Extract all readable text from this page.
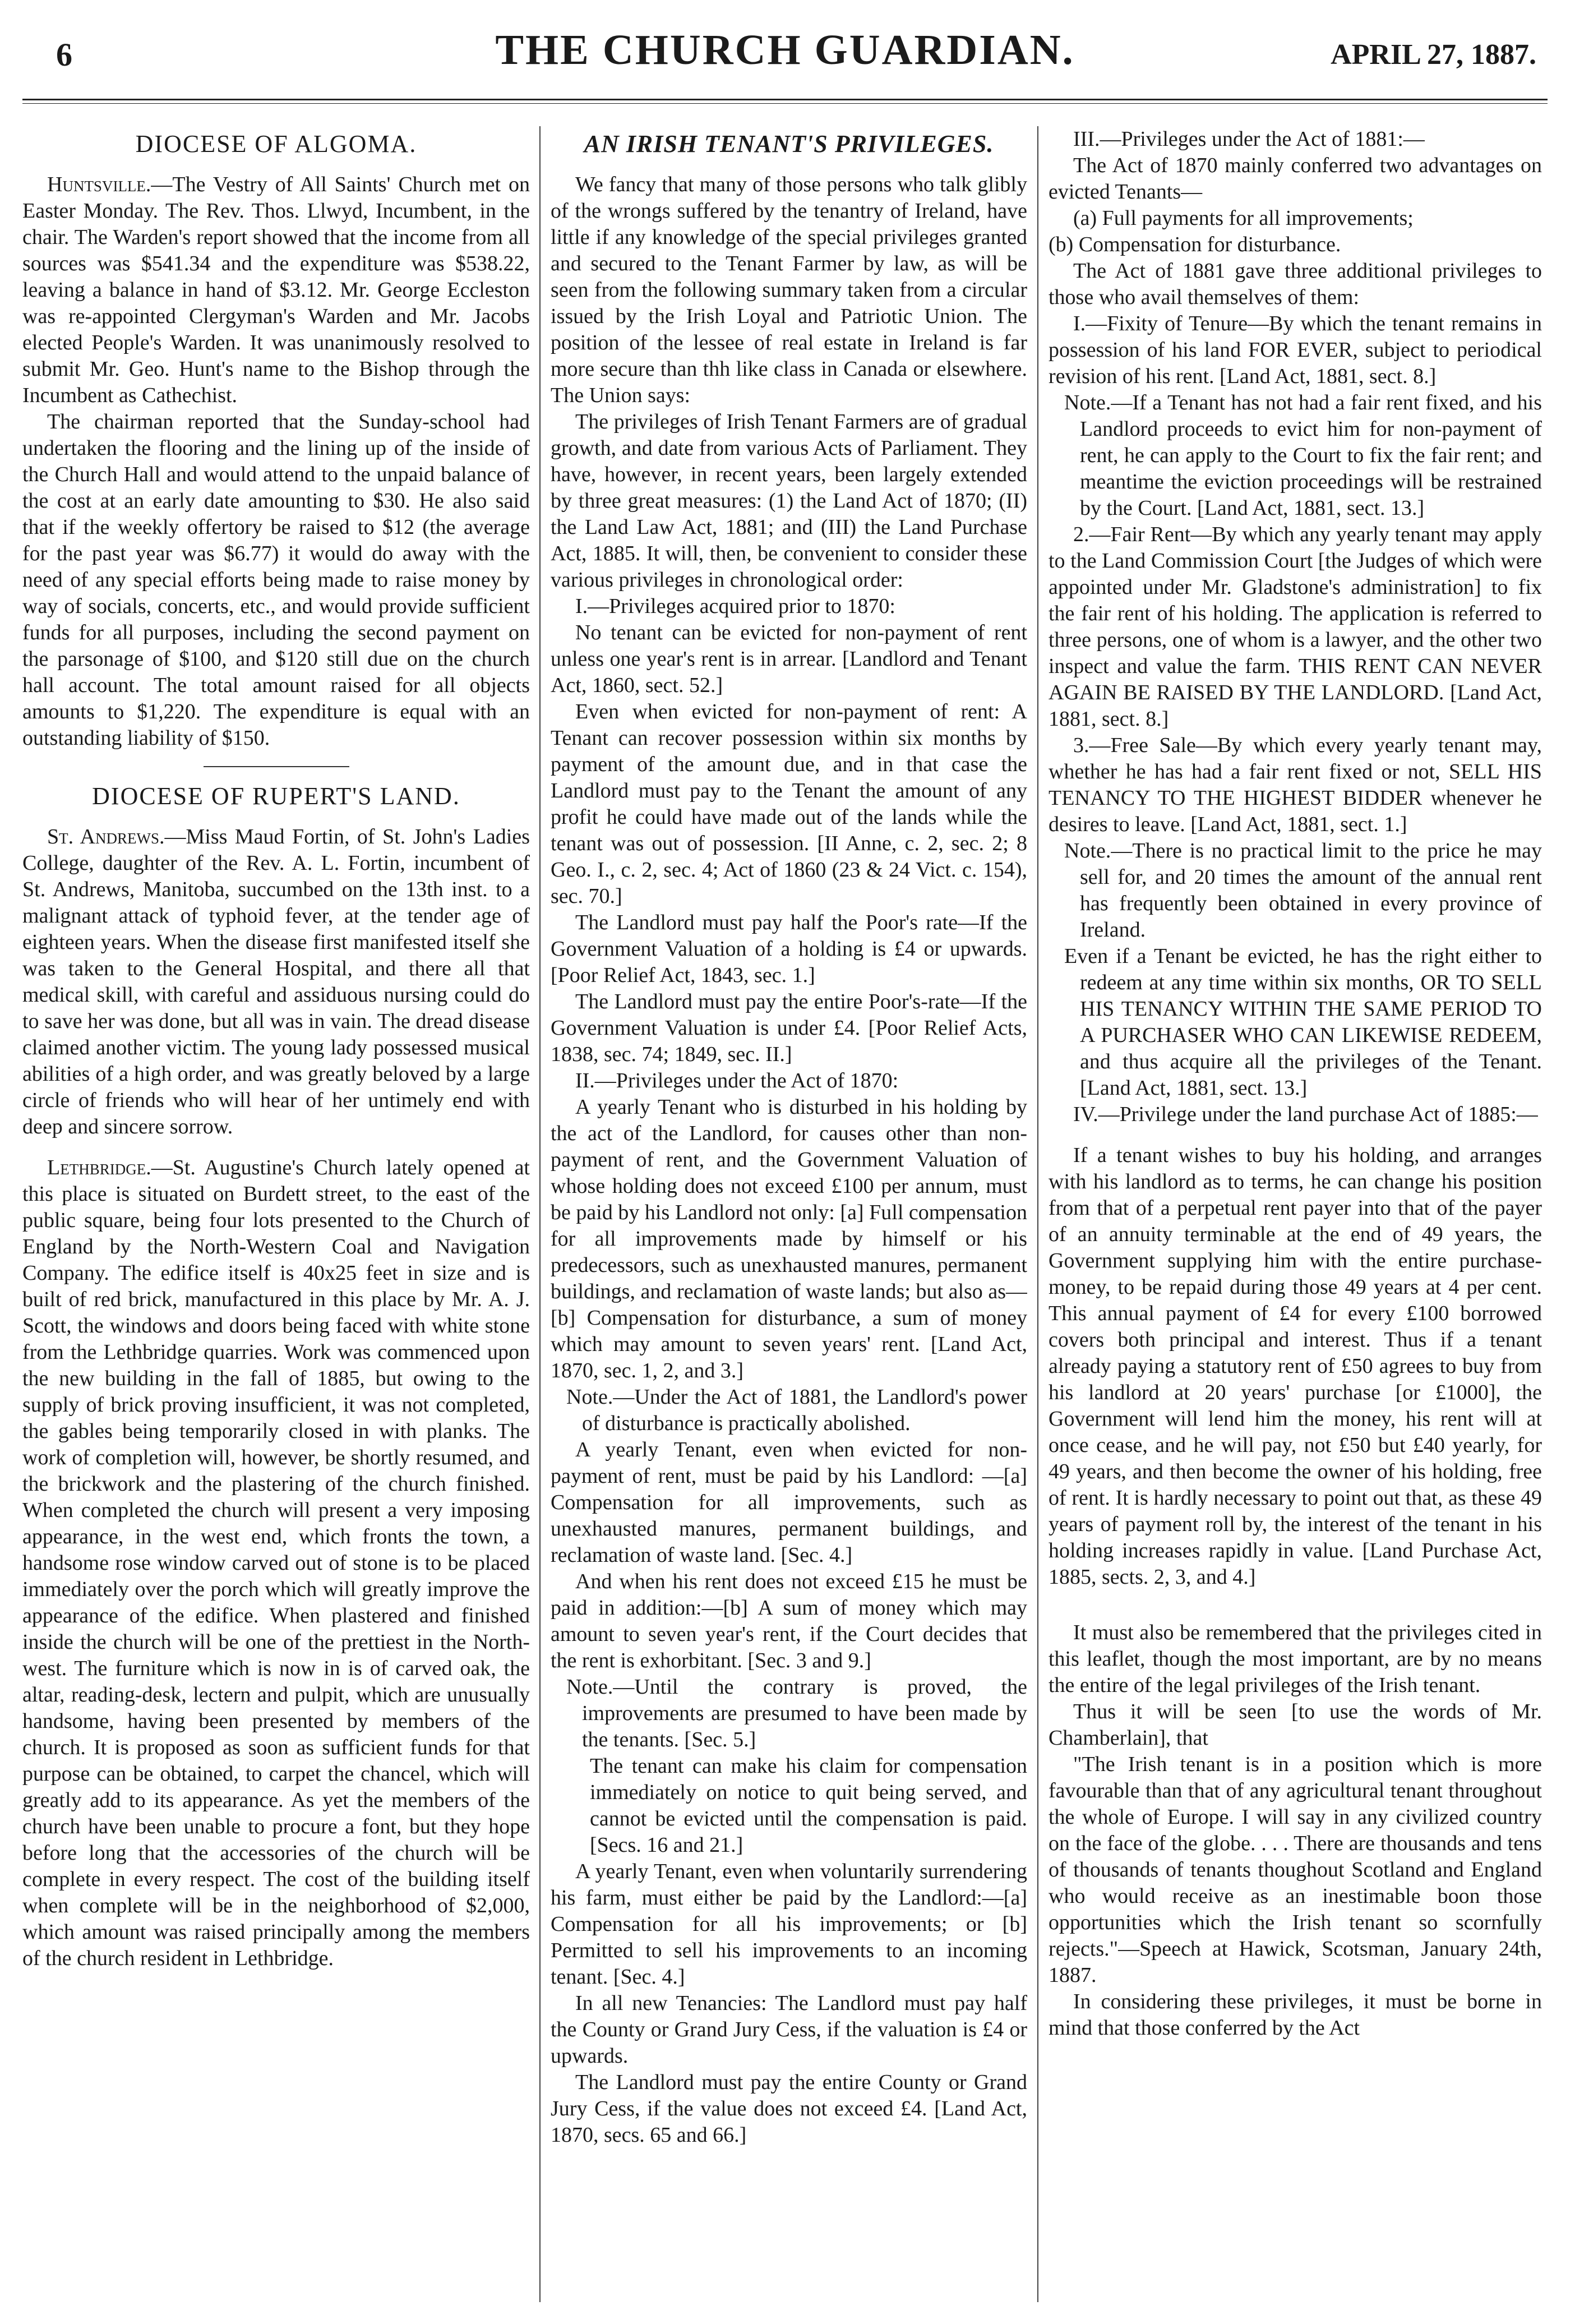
6	THE CHURCH GUARDIAN.	APRIL 27, 1887.
DIOCESE OF ALGOMA.

Huntsville.—The Vestry of All Saints' Church met on Easter Monday. The Rev. Thos. Llwyd, Incumbent, in the chair. The Warden's report showed that the income from all sources was $541.34 and the expenditure was $538.22, leaving a balance in hand of $3.12. Mr. George Eccleston was re-appointed Clergyman's Warden and Mr. Jacobs elected People's Warden. It was unanimously resolved to submit Mr. Geo. Hunt's name to the Bishop through the Incumbent as Cathechist.

The chairman reported that the Sunday-school had undertaken the flooring and the lining up of the inside of the Church Hall and would attend to the unpaid balance of the cost at an early date amounting to $30. He also said that if the weekly offertory be raised to $12 (the average for the past year was $6.77) it would do away with the need of any special efforts being made to raise money by way of socials, concerts, etc., and would provide sufficient funds for all purposes, including the second payment on the parsonage of $100, and $120 still due on the church hall account. The total amount raised for all objects amounts to $1,220. The expenditure is equal with an outstanding liability of $150.

DIOCESE OF RUPERT'S LAND.

St. Andrews.—Miss Maud Fortin, of St. John's Ladies College, daughter of the Rev. A. L. Fortin, incumbent of St. Andrews, Manitoba, succumbed on the 13th inst. to a malignant attack of typhoid fever, at the tender age of eighteen years. When the disease first manifested itself she was taken to the General Hospital, and there all that medical skill, with careful and assiduous nursing could do to save her was done, but all was in vain. The dread disease claimed another victim. The young lady possessed musical abilities of a high order, and was greatly beloved by a large circle of friends who will hear of her untimely end with deep and sincere sorrow.

Lethbridge.—St. Augustine's Church lately opened at this place is situated on Burdett street, to the east of the public square, being four lots presented to the Church of England by the North-Western Coal and Navigation Company. The edifice itself is 40x25 feet in size and is built of red brick, manufactured in this place by Mr. A. J. Scott, the windows and doors being faced with white stone from the Lethbridge quarries. Work was commenced upon the new building in the fall of 1885, but owing to the supply of brick proving insufficient, it was not completed, the gables being temporarily closed in with planks. The work of completion will, however, be shortly resumed, and the brickwork and the plastering of the church finished. When completed the church will present a very imposing appearance, in the west end, which fronts the town, a handsome rose window carved out of stone is to be placed immediately over the porch which will greatly improve the appearance of the edifice. When plastered and finished inside the church will be one of the prettiest in the North-west. The furniture which is now in is of carved oak, the altar, reading-desk, lectern and pulpit, which are unusually handsome, having been presented by members of the church. It is proposed as soon as sufficient funds for that purpose can be obtained, to carpet the chancel, which will greatly add to its appearance. As yet the members of the church have been unable to procure a font, but they hope before long that the accessories of the church will be complete in every respect. The cost of the building itself when complete will be in the neighborhood of $2,000, which amount was raised principally among the members of the church resident in Lethbridge.

AN IRISH TENANT'S PRIVILEGES.

We fancy that many of those persons who talk glibly of the wrongs suffered by the tenantry of Ireland, have little if any knowledge of the special privileges granted and secured to the Tenant Farmer by law, as will be seen from the following summary taken from a circular issued by the Irish Loyal and Patriotic Union. The position of the lessee of real estate in Ireland is far more secure than thh like class in Canada or elsewhere. The Union says:

The privileges of Irish Tenant Farmers are of gradual growth, and date from various Acts of Parliament. They have, however, in recent years, been largely extended by three great measures: (1) the Land Act of 1870; (II) the Land Law Act, 1881; and (III) the Land Purchase Act, 1885. It will, then, be convenient to consider these various privileges in chronological order:

I.—Privileges acquired prior to 1870:

No tenant can be evicted for non-payment of rent unless one year's rent is in arrear. [Landlord and Tenant Act, 1860, sect. 52.]

Even when evicted for non-payment of rent: A Tenant can recover possession within six months by payment of the amount due, and in that case the Landlord must pay to the Tenant the amount of any profit he could have made out of the lands while the tenant was out of possession. [II Anne, c. 2, sec. 2; 8 Geo. I., c. 2, sec. 4; Act of 1860 (23 & 24 Vict. c. 154), sec. 70.]

The Landlord must pay half the Poor's rate—If the Government Valuation of a holding is £4 or upwards. [Poor Relief Act, 1843, sec. 1.]

The Landlord must pay the entire Poor's-rate—If the Government Valuation is under £4. [Poor Relief Acts, 1838, sec. 74; 1849, sec. II.]

II.—Privileges under the Act of 1870:

A yearly Tenant who is disturbed in his holding by the act of the Landlord, for causes other than non-payment of rent, and the Government Valuation of whose holding does not exceed £100 per annum, must be paid by his Landlord not only: [a] Full compensation for all improvements made by himself or his predecessors, such as unexhausted manures, permanent buildings, and reclamation of waste lands; but also as—[b] Compensation for disturbance, a sum of money which may amount to seven years' rent. [Land Act, 1870, sec. 1, 2, and 3.]

Note.—Under the Act of 1881, the Landlord's power of disturbance is practically abolished.

A yearly Tenant, even when evicted for non-payment of rent, must be paid by his Landlord: —[a] Compensation for all improvements, such as unexhausted manures, permanent buildings, and reclamation of waste land. [Sec. 4.]

And when his rent does not exceed £15 he must be paid in addition:—[b] A sum of money which may amount to seven year's rent, if the Court decides that the rent is exhorbitant. [Sec. 3 and 9.]

Note.—Until the contrary is proved, the improvements are presumed to have been made by the tenants. [Sec. 5.]

The tenant can make his claim for compensation immediately on notice to quit being served, and cannot be evicted until the compensation is paid. [Secs. 16 and 21.]

A yearly Tenant, even when voluntarily surrendering his farm, must either be paid by the Landlord:—[a] Compensation for all his improvements; or [b] Permitted to sell his improvements to an incoming tenant. [Sec. 4.]

In all new Tenancies: The Landlord must pay half the County or Grand Jury Cess, if the valuation is £4 or upwards.

The Landlord must pay the entire County or Grand Jury Cess, if the value does not exceed £4. [Land Act, 1870, secs. 65 and 66.]

III.—Privileges under the Act of 1881:—

The Act of 1870 mainly conferred two advantages on evicted Tenants—

(a) Full payments for all improvements;

(b) Compensation for disturbance.

The Act of 1881 gave three additional privileges to those who avail themselves of them:

I.—Fixity of Tenure—By which the tenant remains in possession of his land FOR EVER, subject to periodical revision of his rent. [Land Act, 1881, sect. 8.]

Note.—If a Tenant has not had a fair rent fixed, and his Landlord proceeds to evict him for non-payment of rent, he can apply to the Court to fix the fair rent; and meantime the eviction proceedings will be restrained by the Court. [Land Act, 1881, sect. 13.]

2.—Fair Rent—By which any yearly tenant may apply to the Land Commission Court [the Judges of which were appointed under Mr. Gladstone's administration] to fix the fair rent of his holding. The application is referred to three persons, one of whom is a lawyer, and the other two inspect and value the farm. THIS RENT CAN NEVER AGAIN BE RAISED BY THE LANDLORD. [Land Act, 1881, sect. 8.]

3.—Free Sale—By which every yearly tenant may, whether he has had a fair rent fixed or not, SELL HIS TENANCY TO THE HIGHEST BIDDER whenever he desires to leave. [Land Act, 1881, sect. 1.]

Note.—There is no practical limit to the price he may sell for, and 20 times the amount of the annual rent has frequently been obtained in every province of Ireland.

Even if a Tenant be evicted, he has the right either to redeem at any time within six months, OR TO SELL HIS TENANCY WITHIN THE SAME PERIOD TO A PURCHASER WHO CAN LIKEWISE REDEEM, and thus acquire all the privileges of the Tenant. [Land Act, 1881, sect. 13.]

IV.—Privilege under the land purchase Act of 1885:—

If a tenant wishes to buy his holding, and arranges with his landlord as to terms, he can change his position from that of a perpetual rent payer into that of the payer of an annuity terminable at the end of 49 years, the Government supplying him with the entire purchase-money, to be repaid during those 49 years at 4 per cent. This annual payment of £4 for every £100 borrowed covers both principal and interest. Thus if a tenant already paying a statutory rent of £50 agrees to buy from his landlord at 20 years' purchase [or £1000], the Government will lend him the money, his rent will at once cease, and he will pay, not £50 but £40 yearly, for 49 years, and then become the owner of his holding, free of rent. It is hardly necessary to point out that, as these 49 years of payment roll by, the interest of the tenant in his holding increases rapidly in value. [Land Purchase Act, 1885, sects. 2, 3, and 4.]

It must also be remembered that the privileges cited in this leaflet, though the most important, are by no means the entire of the legal privileges of the Irish tenant.

Thus it will be seen [to use the words of Mr. Chamberlain], that

"The Irish tenant is in a position which is more favourable than that of any agricultural tenant throughout the whole of Europe. I will say in any civilized country on the face of the globe. . . . There are thousands and tens of thousands of tenants thoughout Scotland and England who would receive as an inestimable boon those opportunities which the Irish tenant so scornfully rejects."—Speech at Hawick, Scotsman, January 24th, 1887.

In considering these privileges, it must be borne in mind that those conferred by the Act
